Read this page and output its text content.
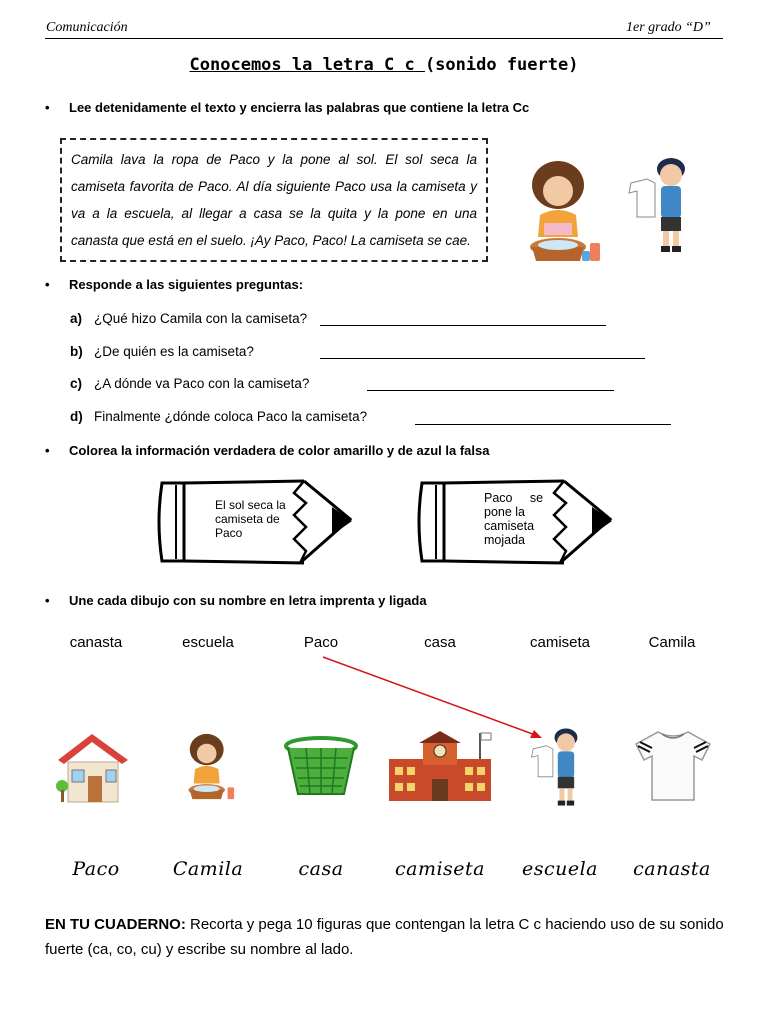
Comunicación	1er grado “D”
Conocemos la letra C c (sonido fuerte)
• Lee detenidamente el texto y encierra las palabras que contiene la letra Cc
Camila lava la ropa de Paco y la pone al sol. El sol seca la camiseta favorita de Paco. Al día siguiente Paco usa la camiseta y va a la escuela, al llegar a casa se la quita y la pone en una canasta que está en el suelo. ¡Ay Paco, Paco! La camiseta se cae.
• Responde a las siguientes preguntas:
a) ¿Qué hizo Camila con la camiseta?
b) ¿De quién es la camiseta?
c) ¿A dónde va Paco con la camiseta?
d) Finalmente ¿dónde coloca Paco la camiseta?
• Colorea la información verdadera de color amarillo y de azul la falsa
El sol seca la
camiseta de
Paco
Paco     se
pone la
camiseta
mojada
• Une cada dibujo con su nombre en letra imprenta y ligada
canasta	escuela	Paco	casa	camiseta	Camila
Paco	Camila	casa	camiseta	escuela	canasta
EN TU CUADERNO: Recorta y pega 10 figuras que contengan la letra C c haciendo uso de su sonido fuerte (ca, co, cu) y escribe su nombre al lado.
